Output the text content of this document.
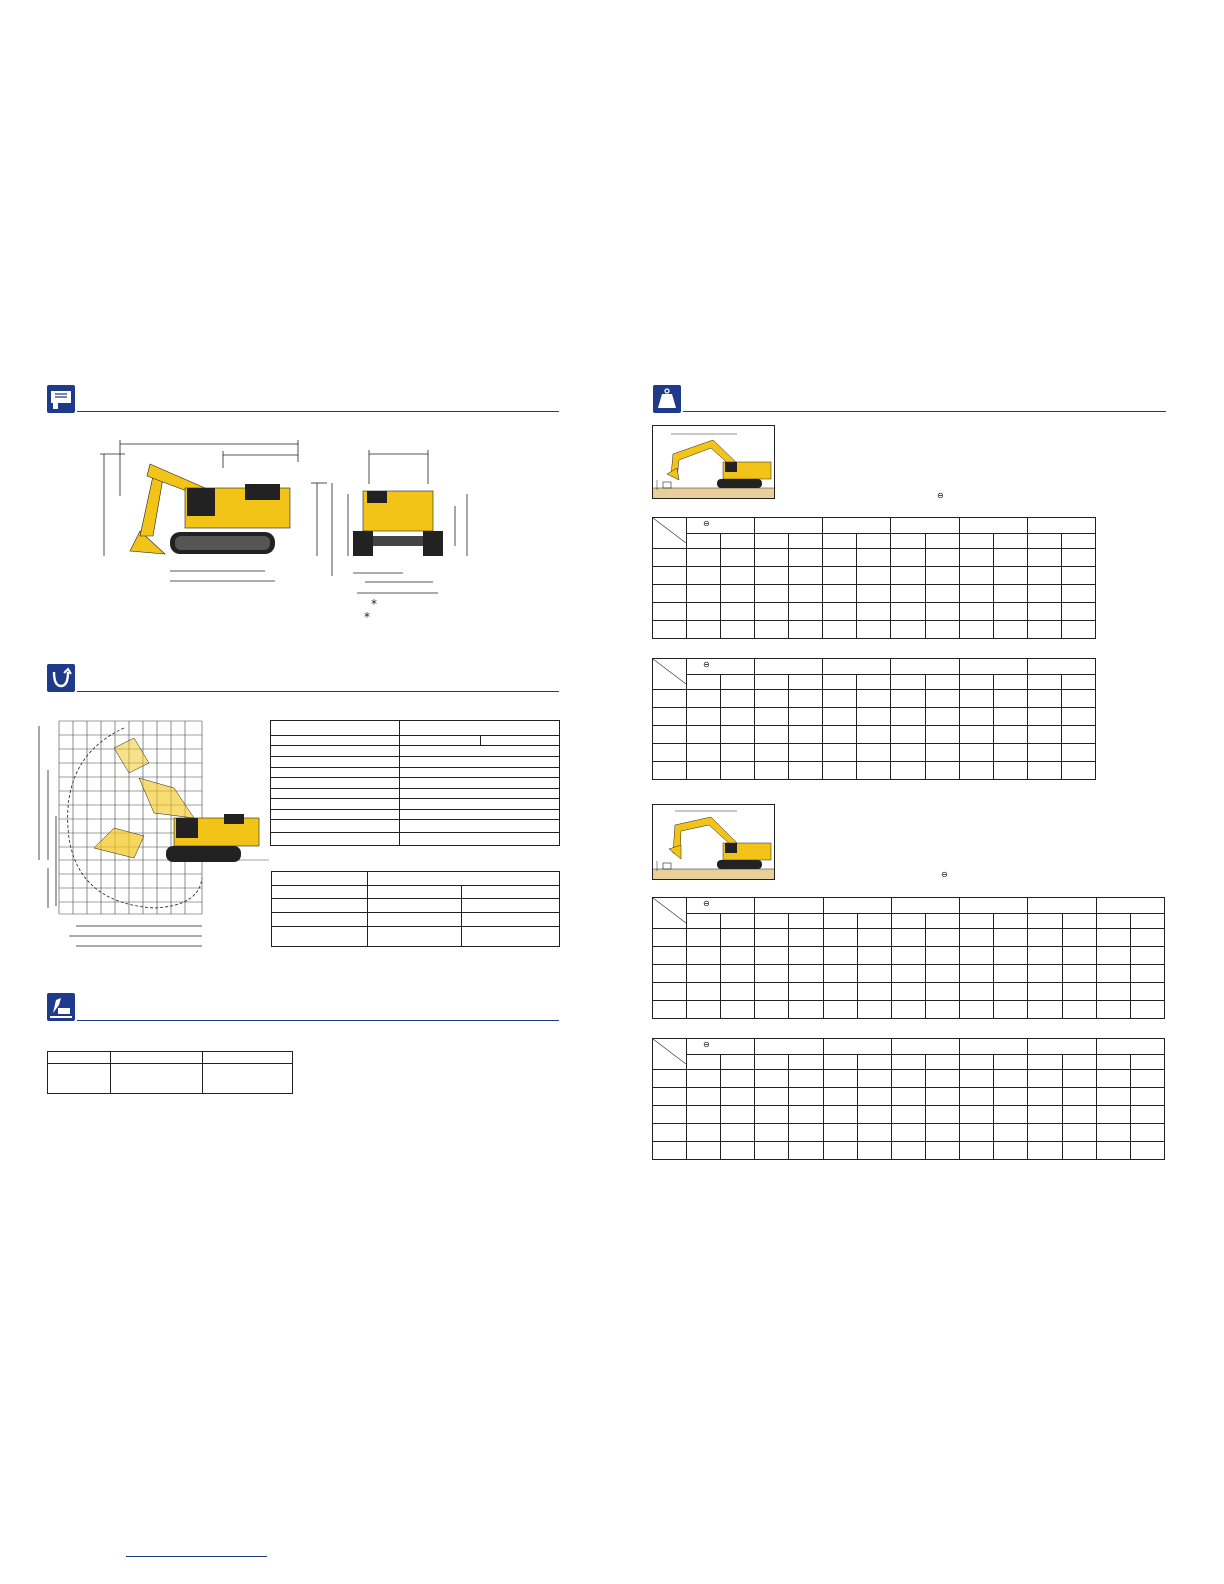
*
*

⊖

⊖											

⊖											

⊖

⊖													

⊖													
